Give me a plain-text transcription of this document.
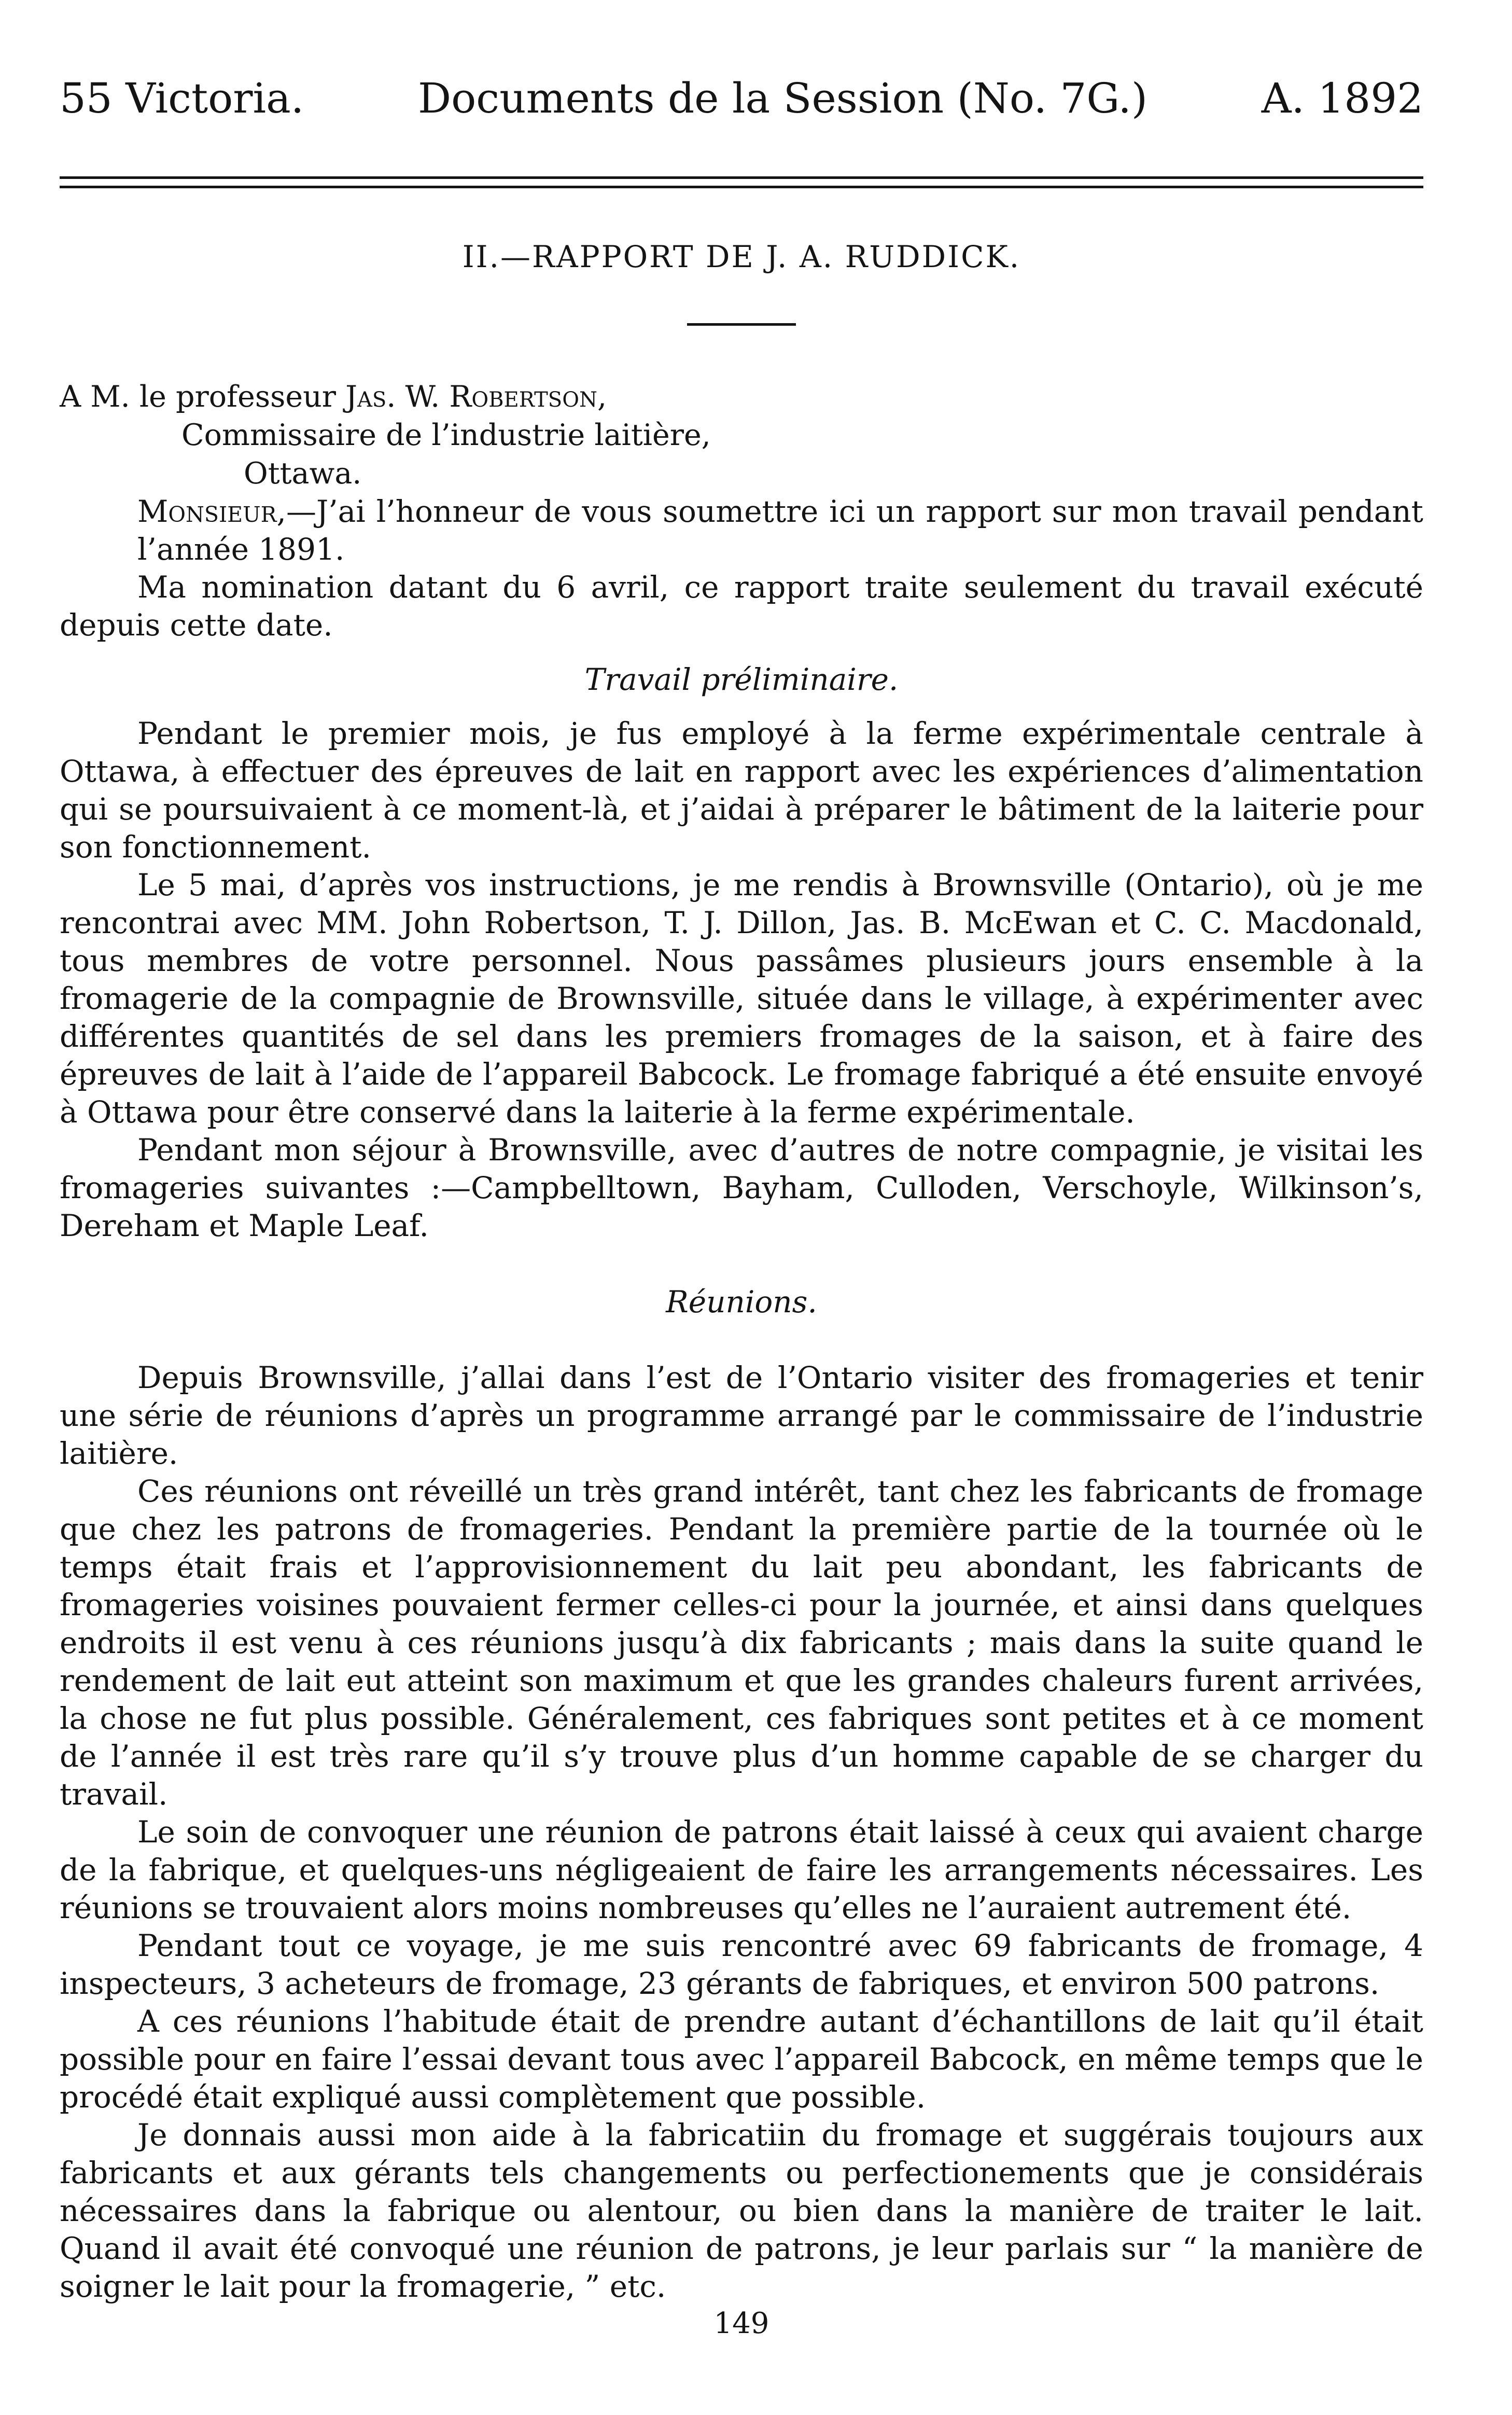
55 Victoria.	Documents de la Session (No. 7G.)	A. 1892
II.—RAPPORT DE J. A. RUDDICK.
A M. le professeur Jas. W. Robertson,
Commissaire de l’industrie laitière,
Ottawa.

Monsieur,—J’ai l’honneur de vous soumettre ici un rapport sur mon travail pendant l’année 1891.

Ma nomination datant du 6 avril, ce rapport traite seulement du travail exécuté depuis cette date.

Travail préliminaire.

Pendant le premier mois, je fus employé à la ferme expérimentale centrale à Ottawa, à effectuer des épreuves de lait en rapport avec les expériences d’alimentation qui se poursuivaient à ce moment-là, et j’aidai à préparer le bâtiment de la laiterie pour son fonctionnement.

Le 5 mai, d’après vos instructions, je me rendis à Brownsville (Ontario), où je me rencontrai avec MM. John Robertson, T. J. Dillon, Jas. B. McEwan et C. C. Macdonald, tous membres de votre personnel. Nous passâmes plusieurs jours ensemble à la fromagerie de la compagnie de Brownsville, située dans le village, à expérimenter avec différentes quantités de sel dans les premiers fromages de la saison, et à faire des épreuves de lait à l’aide de l’appareil Babcock. Le fromage fabriqué a été ensuite envoyé à Ottawa pour être conservé dans la laiterie à la ferme expérimentale.

Pendant mon séjour à Brownsville, avec d’autres de notre compagnie, je visitai les fromageries suivantes :—Campbelltown, Bayham, Culloden, Verschoyle, Wilkinson’s, Dereham et Maple Leaf.

Réunions.

Depuis Brownsville, j’allai dans l’est de l’Ontario visiter des fromageries et tenir une série de réunions d’après un programme arrangé par le commissaire de l’industrie laitière.

Ces réunions ont réveillé un très grand intérêt, tant chez les fabricants de fromage que chez les patrons de fromageries. Pendant la première partie de la tournée où le temps était frais et l’approvisionnement du lait peu abondant, les fabricants de fromageries voisines pouvaient fermer celles-ci pour la journée, et ainsi dans quelques endroits il est venu à ces réunions jusqu’à dix fabricants ; mais dans la suite quand le rendement de lait eut atteint son maximum et que les grandes chaleurs furent arrivées, la chose ne fut plus possible. Généralement, ces fabriques sont petites et à ce moment de l’année il est très rare qu’il s’y trouve plus d’un homme capable de se charger du travail.

Le soin de convoquer une réunion de patrons était laissé à ceux qui avaient charge de la fabrique, et quelques-uns négligeaient de faire les arrangements nécessaires. Les réunions se trouvaient alors moins nombreuses qu’elles ne l’auraient autrement été.

Pendant tout ce voyage, je me suis rencontré avec 69 fabricants de fromage, 4 inspecteurs, 3 acheteurs de fromage, 23 gérants de fabriques, et environ 500 patrons.

A ces réunions l’habitude était de prendre autant d’échantillons de lait qu’il était possible pour en faire l’essai devant tous avec l’appareil Babcock, en même temps que le procédé était expliqué aussi complètement que possible.

Je donnais aussi mon aide à la fabricatiin du fromage et suggérais toujours aux fabricants et aux gérants tels changements ou perfectionements que je considérais nécessaires dans la fabrique ou alentour, ou bien dans la manière de traiter le lait. Quand il avait été convoqué une réunion de patrons, je leur parlais sur “ la manière de soigner le lait pour la fromagerie, ” etc.

149
